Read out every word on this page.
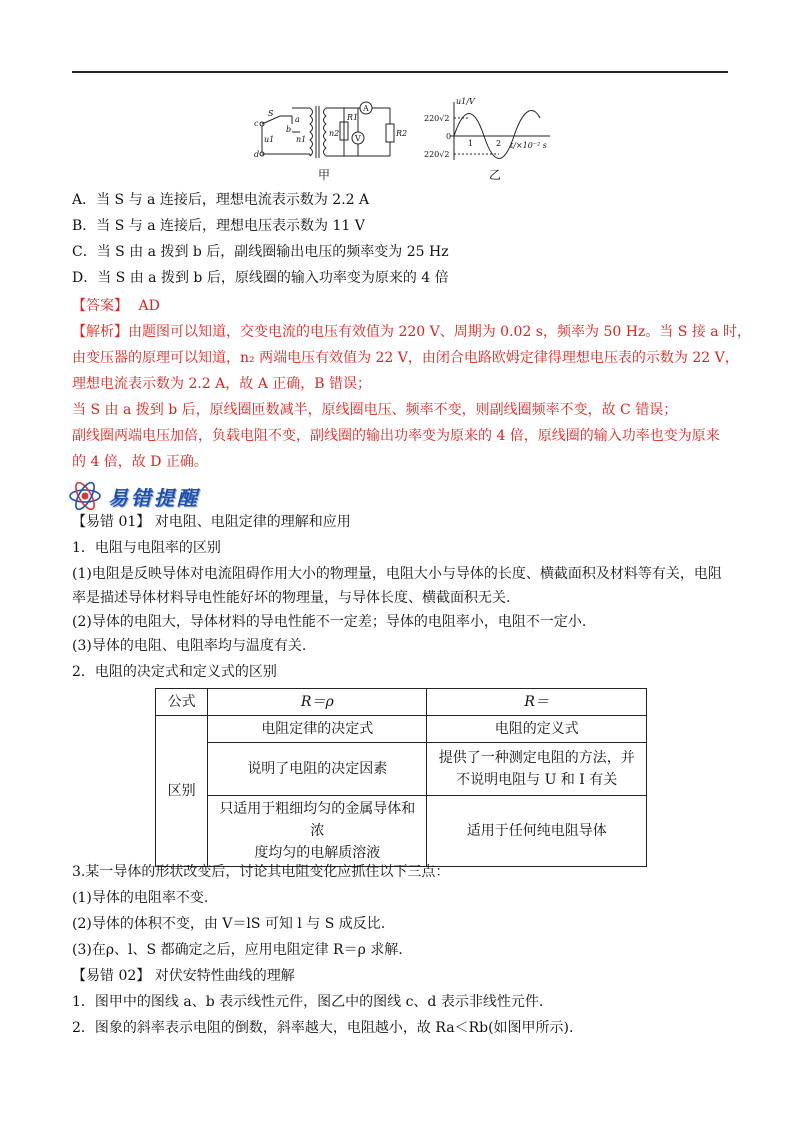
c
d
S
a
b
u1	n1
n2
R1
R2
A
V
u1/V
220√2
0
220√2
1	2 t/×10⁻² s
甲	乙
A．当 S 与 a 连接后，理想电流表示数为 2.2 A
B．当 S 与 a 连接后，理想电压表示数为 11 V
C．当 S 由 a 拨到 b 后，副线圈输出电压的频率变为 25 Hz
D．当 S 由 a 拨到 b 后，原线圈的输入功率变为原来的 4 倍
【答案】 AD
【解析】由题图可以知道，交变电流的电压有效值为 220 V、周期为 0.02 s，频率为 50 Hz。当 S 接 a 时，
由变压器的原理可以知道，n₂ 两端电压有效值为 22 V，由闭合电路欧姆定律得理想电压表的示数为 22 V，
理想电流表示数为 2.2 A，故 A 正确，B 错误；
当 S 由 a 拨到 b 后，原线圈匝数减半，原线圈电压、频率不变，则副线圈频率不变，故 C 错误；
副线圈两端电压加倍，负载电阻不变，副线圈的输出功率变为原来的 4 倍，原线圈的输入功率也变为原来
的 4 倍，故 D 正确。
易错提醒
【易错 01】 对电阻、电阻定律的理解和应用
1．电阻与电阻率的区别
(1)电阻是反映导体对电流阻碍作用大小的物理量，电阻大小与导体的长度、横截面积及材料等有关，电阻
率是描述导体材料导电性能好坏的物理量，与导体长度、横截面积无关.
(2)导体的电阻大，导体材料的导电性能不一定差；导体的电阻率小，电阻不一定小.
(3)导体的电阻、电阻率均与温度有关.
2．电阻的决定式和定义式的区别
公式	R＝ρ	R＝
区别	电阻定律的决定式	电阻的定义式
	说明了电阻的决定因素	提供了一种测定电阻的方法，并
不说明电阻与 U 和 I 有关

	只适用于粗细均匀的金属导体和浓
度均匀的电解质溶液	适用于任何纯电阻导体
3.某一导体的形状改变后，讨论其电阻变化应抓住以下三点：
(1)导体的电阻率不变.
(2)导体的体积不变，由 V＝lS 可知 l 与 S 成反比.
(3)在ρ、l、S 都确定之后，应用电阻定律 R＝ρ 求解.
【易错 02】 对伏安特性曲线的理解
1．图甲中的图线 a、b 表示线性元件，图乙中的图线 c、d 表示非线性元件.
2．图象的斜率表示电阻的倒数，斜率越大，电阻越小，故 Ra＜Rb(如图甲所示).
